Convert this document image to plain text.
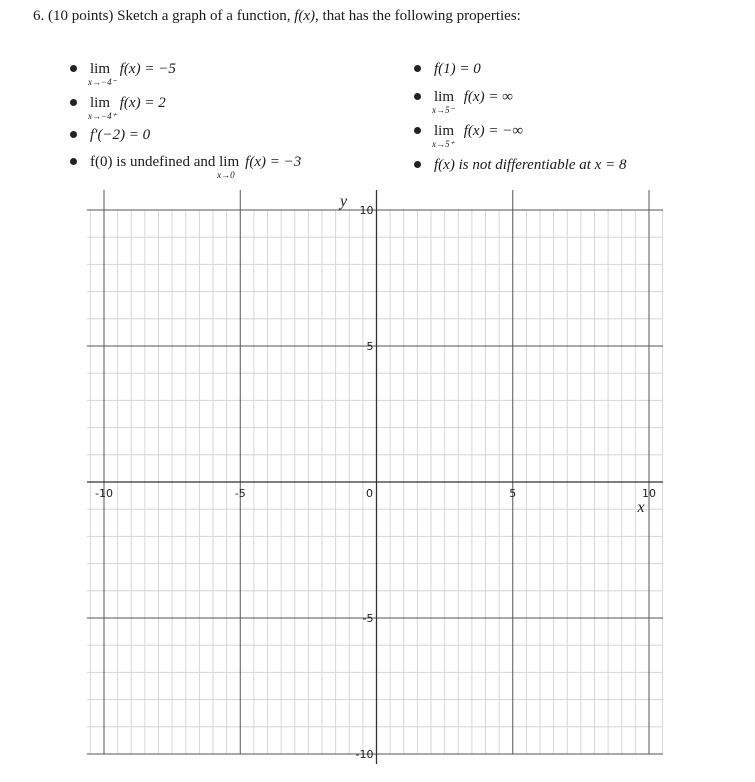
6. (10 points) Sketch a graph of a function, f(x), that has the following properties:
lim
x→−4⁻
f(x) = −5
lim
x→−4⁺
f(x) = 2
f′(−2) = 0
f(0) is undefined and lim
x→0
f(x) = −3
f(1) = 0
lim
x→5⁻
f(x) = ∞
lim
x→5⁺
f(x) = −∞
f(x) is not differentiable at x = 8
-10	-5	0	5	10
10
5
-5
-10
y
x
